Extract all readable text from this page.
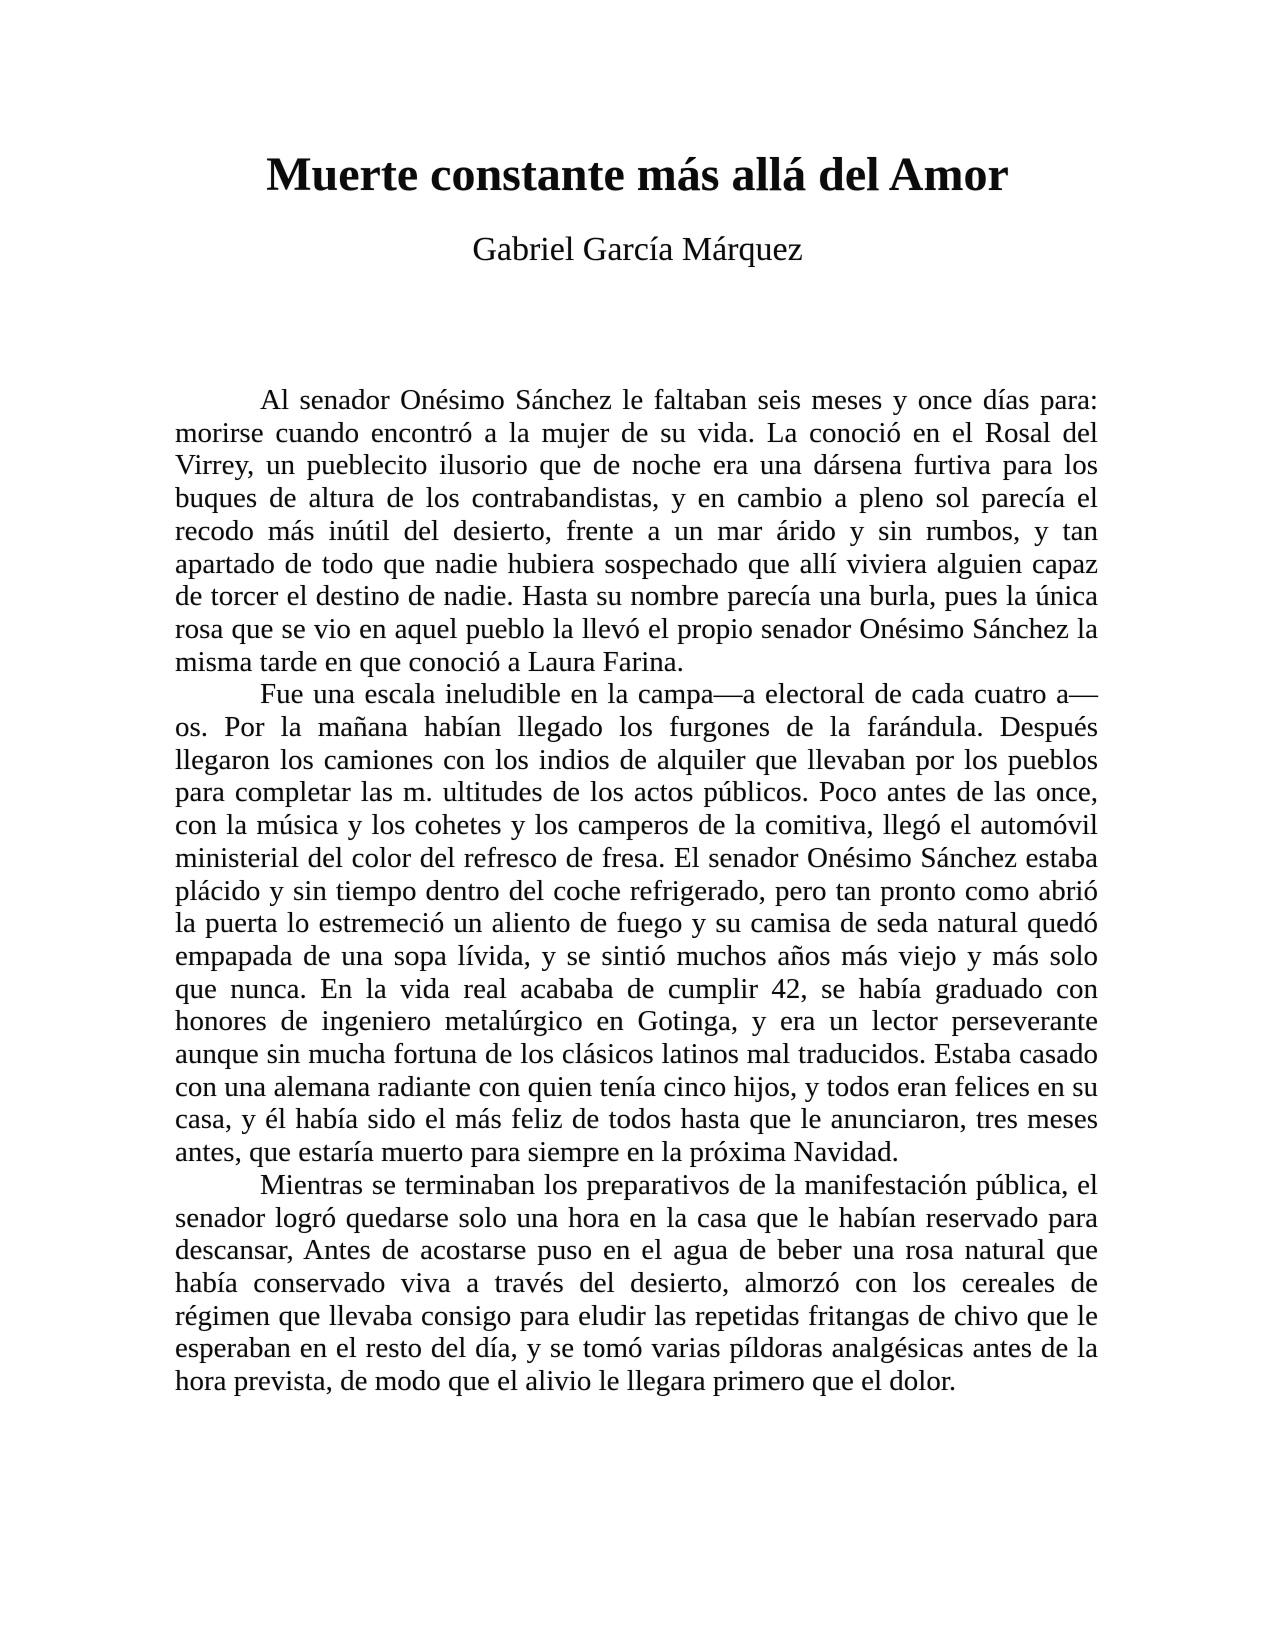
Muerte constante más allá del Amor
Gabriel García Márquez

Al senador Onésimo Sánchez le faltaban seis meses y once días para: morirse cuando encontró a la mujer de su vida. La conoció en el Rosal del Virrey, un pueblecito ilusorio que de noche era una dársena furtiva para los buques de altura de los contrabandistas, y en cambio a pleno sol parecía el recodo más inútil del desierto, frente a un mar árido y sin rumbos, y tan apartado de todo que nadie hubiera sospechado que allí viviera alguien capaz de torcer el destino de nadie. Hasta su nombre parecía una burla, pues la única rosa que se vio en aquel pueblo la llevó el propio senador Onésimo Sánchez la misma tarde en que conoció a Laura Farina.

Fue una escala ineludible en la campa—a electoral de cada cuatro a—os. Por la mañana habían llegado los furgones de la farándula. Después llegaron los camiones con los indios de alquiler que llevaban por los pueblos para completar las m. ultitudes de los actos públicos. Poco antes de las once, con la música y los cohetes y los camperos de la comitiva, llegó el automóvil ministerial del color del refresco de fresa. El senador Onésimo Sánchez estaba plácido y sin tiempo dentro del coche refrigerado, pero tan pronto como abrió la puerta lo estremeció un aliento de fuego y su camisa de seda natural quedó empapada de una sopa lívida, y se sintió muchos años más viejo y más solo que nunca. En la vida real acababa de cumplir 42, se había graduado con honores de ingeniero metalúrgico en Gotinga, y era un lector perseverante aunque sin mucha fortuna de los clásicos latinos mal traducidos. Estaba casado con una alemana radiante con quien tenía cinco hijos, y todos eran felices en su casa, y él había sido el más feliz de todos hasta que le anunciaron, tres meses antes, que estaría muerto para siempre en la próxima Navidad.

Mientras se terminaban los preparativos de la manifestación pública, el senador logró quedarse solo una hora en la casa que le habían reservado para descansar, Antes de acostarse puso en el agua de beber una rosa natural que había conservado viva a través del desierto, almorzó con los cereales de régimen que llevaba consigo para eludir las repetidas fritangas de chivo que le esperaban en el resto del día, y se tomó varias píldoras analgésicas antes de la hora prevista, de modo que el alivio le llegara primero que el dolor.
